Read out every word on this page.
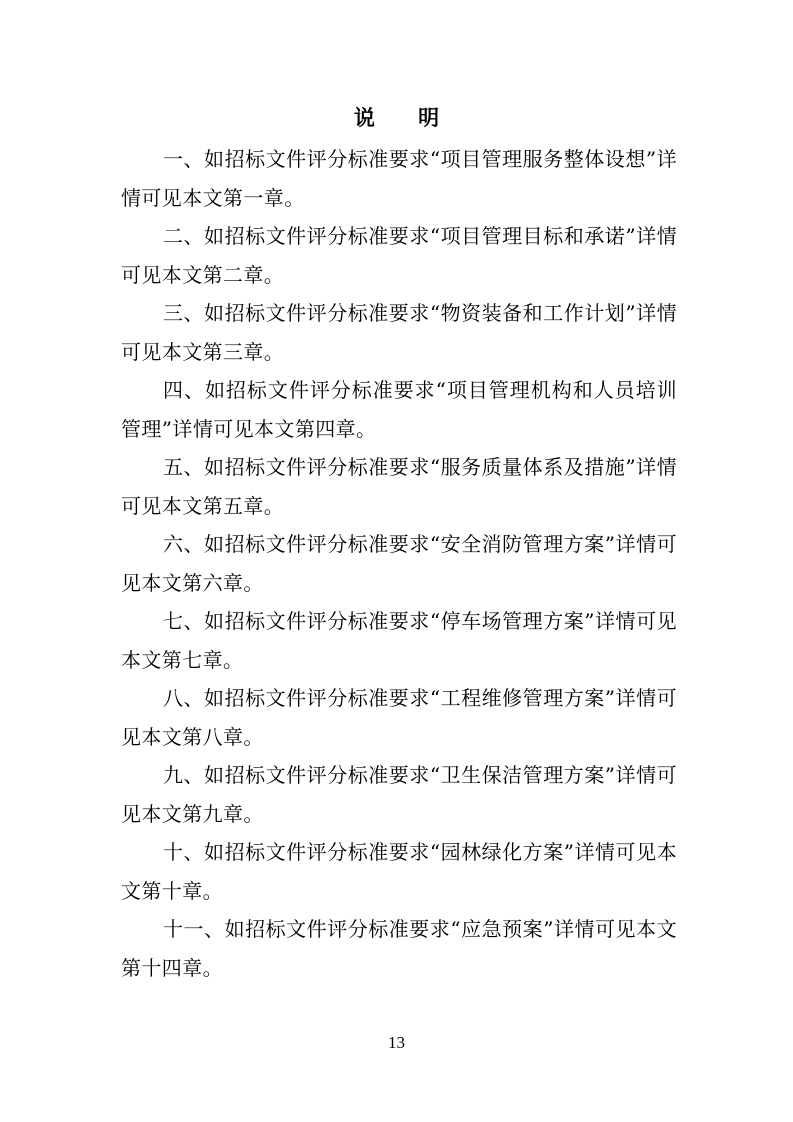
说 明

一、如招标文件评分标准要求“项目管理服务整体设想”详情可见本文第一章。

二、如招标文件评分标准要求“项目管理目标和承诺”详情可见本文第二章。

三、如招标文件评分标准要求“物资装备和工作计划”详情可见本文第三章。

四、如招标文件评分标准要求“项目管理机构和人员培训管理”详情可见本文第四章。

五、如招标文件评分标准要求“服务质量体系及措施”详情可见本文第五章。

六、如招标文件评分标准要求“安全消防管理方案”详情可见本文第六章。

七、如招标文件评分标准要求“停车场管理方案”详情可见本文第七章。

八、如招标文件评分标准要求“工程维修管理方案”详情可见本文第八章。

九、如招标文件评分标准要求“卫生保洁管理方案”详情可见本文第九章。

十、如招标文件评分标准要求“园林绿化方案”详情可见本文第十章。

十一、如招标文件评分标准要求“应急预案”详情可见本文第十四章。

13
